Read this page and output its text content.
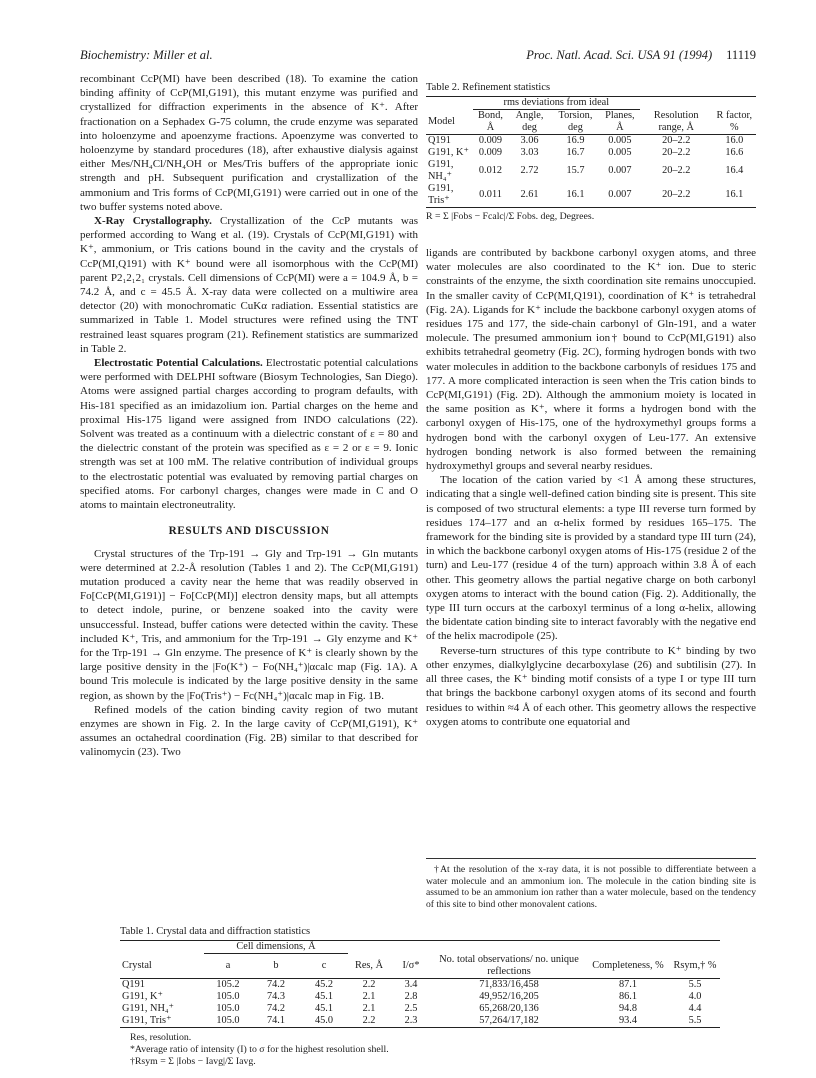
Biochemistry: Miller et al.	Proc. Natl. Acad. Sci. USA 91 (1994) 11119

recombinant CcP(MI) have been described (18). To examine the cation binding affinity of CcP(MI,G191), this mutant enzyme was purified and crystallized for diffraction experiments in the absence of K⁺. After fractionation on a Sephadex G-75 column, the crude enzyme was separated into holoenzyme and apoenzyme fractions. Apoenzyme was converted to holoenzyme by standard procedures (18), after exhaustive dialysis against either Mes/NH₄Cl/NH₄OH or Mes/Tris buffers of the appropriate ionic strength and pH. Subsequent purification and crystallization of the ammonium and Tris forms of CcP(MI,G191) were carried out in one of the two buffer systems noted above.

X-Ray Crystallography. Crystallization of the CcP mutants was performed according to Wang et al. (19). Crystals of CcP(MI,G191) with K⁺, ammonium, or Tris cations bound in the cavity and the crystals of CcP(MI,Q191) with K⁺ bound were all isomorphous with the CcP(MI) parent P2₁2₁2₁ crystals. Cell dimensions of CcP(MI) were a = 104.9 Å, b = 74.2 Å, and c = 45.5 Å. X-ray data were collected on a multiwire area detector (20) with monochromatic CuKα radiation. Essential statistics are summarized in Table 1. Model structures were refined using the TNT restrained least squares program (21). Refinement statistics are summarized in Table 2.

Electrostatic Potential Calculations. Electrostatic potential calculations were performed with DELPHI software (Biosym Technologies, San Diego). Atoms were assigned partial charges according to program defaults, with His-181 specified as an imidazolium ion. Partial charges on the heme and proximal His-175 ligand were assigned from INDO calculations (22). Solvent was treated as a continuum with a dielectric constant of ε = 80 and the dielectric constant of the protein was specified as ε = 2 or ε = 9. Ionic strength was set at 100 mM. The relative contribution of individual groups to the electrostatic potential was evaluated by removing partial charges on specified atoms. For carbonyl charges, changes were made in C and O atoms to maintain electroneutrality.

RESULTS AND DISCUSSION

Crystal structures of the Trp-191 → Gly and Trp-191 → Gln mutants were determined at 2.2-Å resolution (Tables 1 and 2). The CcP(MI,G191) mutation produced a cavity near the heme that was readily observed in Fo[CcP(MI,G191)] − Fo[CcP(MI)] electron density maps, but all attempts to detect indole, purine, or benzene soaked into the cavity were unsuccessful. Instead, buffer cations were detected within the cavity. These included K⁺, Tris, and ammonium for the Trp-191 → Gly enzyme and K⁺ for the Trp-191 → Gln enzyme. The presence of K⁺ is clearly shown by the large positive density in the |Fo(K⁺) − Fo(NH₄⁺)|αcalc map (Fig. 1A). A bound Tris molecule is indicated by the large positive density in the same region, as shown by the |Fo(Tris⁺) − Fc(NH₄⁺)|αcalc map in Fig. 1B.

Refined models of the cation binding cavity region of two mutant enzymes are shown in Fig. 2. In the large cavity of CcP(MI,G191), K⁺ assumes an octahedral coordination (Fig. 2B) similar to that described for valinomycin (23). Two

Table 2. Refinement statistics
	rms deviations from ideal					
Model	Bond, Å	Angle, deg	Torsion, deg	Planes, Å	Resolution range, Å	R factor, %
Q191	0.009	3.06	16.9	0.005	20–2.2	16.0
G191, K⁺	0.009	3.03	16.7	0.005	20–2.2	16.6
G191, NH₄⁺	0.012	2.72	15.7	0.007	20–2.2	16.4
G191, Tris⁺	0.011	2.61	16.1	0.007	20–2.2	16.1
R = Σ |Fobs − Fcalc|/Σ Fobs. deg, Degrees.

ligands are contributed by backbone carbonyl oxygen atoms, and three water molecules are also coordinated to the K⁺ ion. Due to steric constraints of the enzyme, the sixth coordination site remains unoccupied. In the smaller cavity of CcP(MI,Q191), coordination of K⁺ is tetrahedral (Fig. 2A). Ligands for K⁺ include the backbone carbonyl oxygen atoms of residues 175 and 177, the side-chain carbonyl of Gln-191, and a water molecule. The presumed ammonium ion† bound to CcP(MI,G191) also exhibits tetrahedral geometry (Fig. 2C), forming hydrogen bonds with two water molecules in addition to the backbone carbonyls of residues 175 and 177. A more complicated interaction is seen when the Tris cation binds to CcP(MI,G191) (Fig. 2D). Although the ammonium moiety is located in the same position as K⁺, where it forms a hydrogen bond with the carbonyl oxygen of His-175, one of the hydroxymethyl groups forms a hydrogen bond with the carbonyl oxygen of Leu-177. An extensive hydrogen bonding network is also formed between the remaining hydroxymethyl groups and several nearby residues.

The location of the cation varied by <1 Å among these structures, indicating that a single well-defined cation binding site is present. This site is composed of two structural elements: a type III reverse turn formed by residues 174–177 and an α-helix formed by residues 165–175. The framework for the binding site is provided by a standard type III turn (24), in which the backbone carbonyl oxygen atoms of His-175 (residue 2 of the turn) and Leu-177 (residue 4 of the turn) approach within 3.8 Å of each other. This geometry allows the partial negative charge on both carbonyl oxygen atoms to interact with the bound cation (Fig. 2). Additionally, the type III turn occurs at the carboxyl terminus of a long α-helix, allowing the bidentate cation binding site to interact favorably with the negative end of the helix macrodipole (25).

Reverse-turn structures of this type contribute to K⁺ binding by two other enzymes, dialkylglycine decarboxylase (26) and subtilisin (27). In all three cases, the K⁺ binding motif consists of a type I or type III turn that brings the backbone carbonyl oxygen atoms of its second and fourth residues to within ≈4 Å of each other. This geometry allows the respective oxygen atoms to contribute one equatorial and

†At the resolution of the x-ray data, it is not possible to differentiate between a water molecule and an ammonium ion. The molecule in the cation binding site is assumed to be an ammonium ion rather than a water molecule, based on the tendency of this site to bind other monovalent cations.

Table 1. Crystal data and diffraction statistics
	Cell dimensions, Å							
Crystal	a	b	c	Res, Å	I/σ*	No. total observations/ no. unique reflections	Completeness, %	Rsym,† %
Q191	105.2	74.2	45.2	2.2	3.4	71,833/16,458	87.1	5.5
G191, K⁺	105.0	74.3	45.1	2.1	2.8	49,952/16,205	86.1	4.0
G191, NH₄⁺	105.0	74.2	45.1	2.1	2.5	65,268/20,136	94.8	4.4
G191, Tris⁺	105.0	74.1	45.0	2.2	2.3	57,264/17,182	93.4	5.5
Res, resolution.
*Average ratio of intensity (I) to σ for the highest resolution shell.
†Rsym = Σ |Iobs − Iavg|/Σ Iavg.
